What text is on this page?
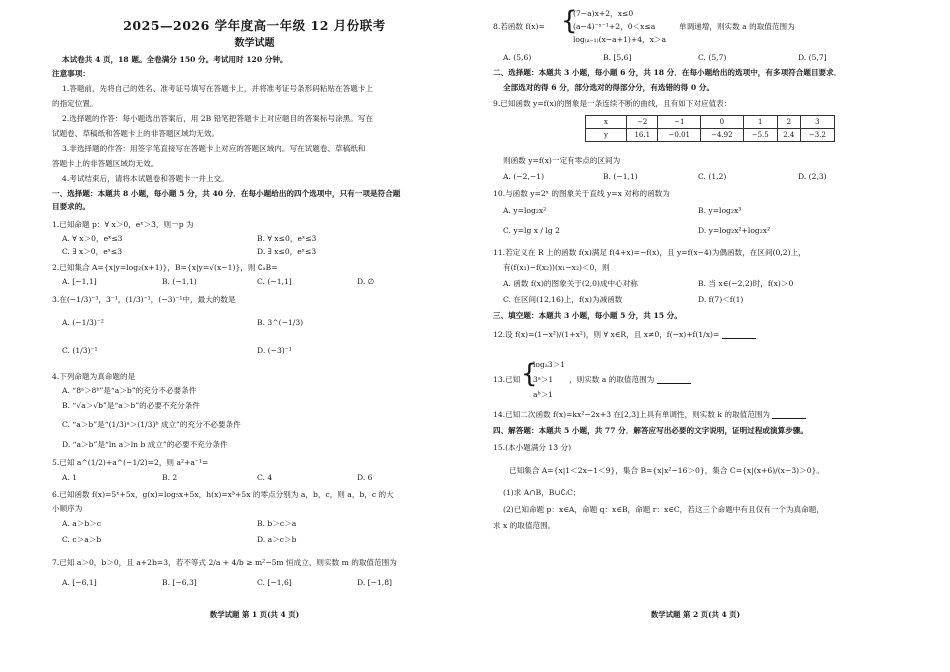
2025—2026 学年度高一年级 12 月份联考
数学试题
本试卷共 4 页，18 题。全卷满分 150 分。考试用时 120 分钟。
注意事项：
1.答题前，先将自己的姓名、准考证号填写在答题卡上，并将准考证号条形码粘贴在答题卡上
的指定位置。
2.选择题的作答：每小题选出答案后，用 2B 铅笔把答题卡上对应题目的答案标号涂黑。写在
试题卷、草稿纸和答题卡上的非答题区域均无效。
3.非选择题的作答：用签字笔直接写在答题卡上对应的答题区域内。写在试题卷、草稿纸和
答题卡上的非答题区域均无效。
4.考试结束后，请将本试题卷和答题卡一并上交。
一、选择题：本题共 8 小题，每小题 5 分，共 40 分．在每小题给出的四个选项中，只有一项是符合题
目要求的。
1.已知命题 p：∀ x＞0，eˣ＞3，则￢p 为
A. ∀ x＞0，eˣ≤3	B. ∀ x≤0，eˣ≤3
C. ∃ x＞0，eˣ≤3	D. ∃ x≤0，eˣ≤3
2.已知集合 A={x|y=log₂(x+1)}，B={x|y=√(x−1)}，则 ∁ₐB=
A. [−1,1]	B. (−1,1)	C. (−1,1]	D. ∅
3.在(−1/3)⁻³，3⁻¹，(1/3)⁻¹，(−3)⁻¹中，最大的数是
A. (−1/3)⁻²	B. 3^(−1/3)
C. (1/3)⁻¹	D. (−3)⁻¹
4.下列命题为真命题的是
A. “8ᵃ＞8ᵇ”是“a＞b”的充分不必要条件
B. “√a＞√b”是“a＞b”的必要不充分条件
C. “a＞b”是“(1/3)ᵃ＞(1/3)ᵇ 成立”的充分不必要条件
D. “a＞b”是“ln a＞ln b 成立”的必要不充分条件
5.已知 a^(1/2)+a^(−1/2)=2，则 a²+a⁻¹=
A. 1	B. 2	C. 4	D. 6
6.已知函数 f(x)=5ˣ+5x，g(x)=log₅x+5x，h(x)=x⁵+5x 的零点分别为 a，b，c，则 a，b，c 的大
小顺序为
A. a＞b＞c	B. b＞c＞a
C. c＞a＞b	D. a＞c＞b
7.已知 a＞0，b＞0，且 a+2b=3，若不等式 2/a + 4/b ≥ m²−5m 恒成立，则实数 m 的取值范围为
A. [−6,1]	B. [−6,3]	C. [−1,6]	D. [−1,8]
数学试题 第 1 页(共 4 页)
8.若函数 f(x)= {
(7−a)x+2，x≤0
(a−4)⁻ˣ⁻¹+2，0＜x≤a
log₍ₐ₋₁₎(x−a+1)+4，x＞a
单调递增，则实数 a 的取值范围为
A. (5,6)	B. [5,6]	C. (5,7)	D. (5,7]
二、选择题：本题共 3 小题，每小题 6 分，共 18 分．在每小题给出的选项中，有多项符合题目要求．
全部选对的得 6 分，部分选对的得部分分，有选错的得 0 分。
9.已知函数 y=f(x)的图象是一条连续不断的曲线，且有如下对应值表：
x	−2	−1	0	1	2	3
y	16.1	−0.01	−4.92	−5.5	2.4	−3.2
则函数 y=f(x)一定有零点的区间为
A. (−2,−1)	B. (−1,1)	C. (1,2)	D. (2,3)
10.与函数 y=2ˣ 的图象关于直线 y=x 对称的函数为
A. y=log₂x²	B. y=log₂x³
C. y=lg x / lg 2	D. y=log₂x²+log₂x²
11.若定义在 R 上的函数 f(x)满足 f(4+x)=−f(x)，且 y=f(x−4)为偶函数，在区间(0,2)上，
有(f(x₁)−f(x₂))(x₁−x₂)＜0，则
A. 函数 f(x)的图象关于(2,0)成中心对称	B. 当 x∈(−2,2)时，f(x)＞0
C. 在区间(12,16)上，f(x)为减函数	D. f(7)＜f(1)
三、填空题：本题共 3 小题，每小题 5 分，共 15 分。
12.设 f(x)=(1−x²)/(1+x²)，则 ∀ x∈R，且 x≠0，f(−x)+f(1/x)=
13.已知 {
logₐ3＞1
3ᵃ＞1
aᵇ＞1
，则实数 a 的取值范围为
14.已知二次函数 f(x)=kx²−2x+3 在[2,3]上具有单调性，则实数 k 的取值范围为
四、解答题：本题共 5 小题，共 77 分．解答应写出必要的文字说明，证明过程或演算步骤。
15.(本小题满分 13 分)
已知集合 A={x|1＜2x−1＜9}，集合 B={x|x²−16＞0}，集合 C={x|(x+6)/(x−3)＞0}。
(1)求 A∩B，B∪∁ᵢC；
(2)已知命题 p：x∈A，命题 q：x∈B，命题 r：x∈C，若这三个命题中有且仅有一个为真命题，
求 x 的取值范围。
数学试题 第 2 页(共 4 页)
